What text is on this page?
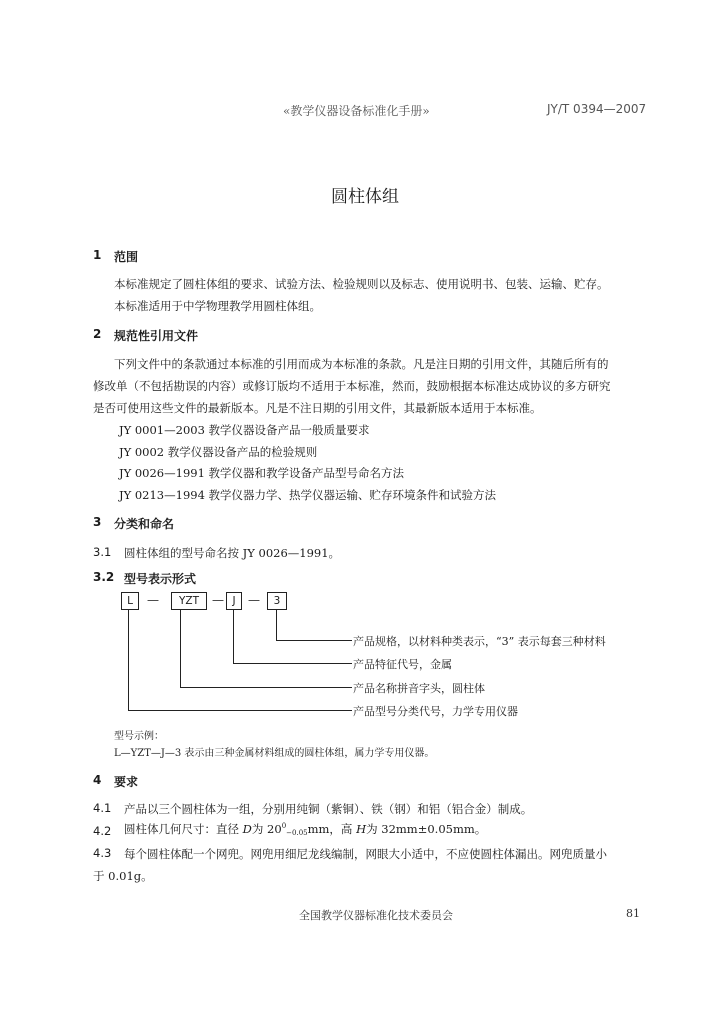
«教学仪器设备标准化手册»	JY/T 0394—2007
圆柱体组
1 范围
本标准规定了圆柱体组的要求、试验方法、检验规则以及标志、使用说明书、包装、运输、贮存。
本标准适用于中学物理教学用圆柱体组。
2 规范性引用文件
下列文件中的条款通过本标准的引用而成为本标准的条款。凡是注日期的引用文件，其随后所有的
修改单（不包括勘误的内容）或修订版均不适用于本标准，然而，鼓励根据本标准达成协议的多方研究
是否可使用这些文件的最新版本。凡是不注日期的引用文件，其最新版本适用于本标准。
JY 0001—2003 教学仪器设备产品一般质量要求
JY 0002 教学仪器设备产品的检验规则
JY 0026—1991 教学仪器和教学设备产品型号命名方法
JY 0213—1994 教学仪器力学、热学仪器运输、贮存环境条件和试验方法
3 分类和命名
3.1 圆柱体组的型号命名按 JY 0026—1991。
3.2 型号表示形式
L	—	YZT	— J	—	3
产品规格，以材料种类表示，“3” 表示每套三种材料
产品特征代号，金属
产品名称拼音字头，圆柱体
产品型号分类代号，力学专用仪器
型号示例：
L—YZT—J—3 表示由三种金属材料组成的圆柱体组，属力学专用仪器。
4 要求
4.1 产品以三个圆柱体为一组，分别用纯铜（紫铜）、铁（钢）和铝（铝合金）制成。
4.2 圆柱体几何尺寸：直径 D为 $20^0_{-0.05}mm$，高 H为 32mm±0.05mm。
4.3 每个圆柱体配一个网兜。网兜用细尼龙线编制，网眼大小适中，不应使圆柱体漏出。网兜质量小
于 0.01g。
全国教学仪器标准化技术委员会	81
